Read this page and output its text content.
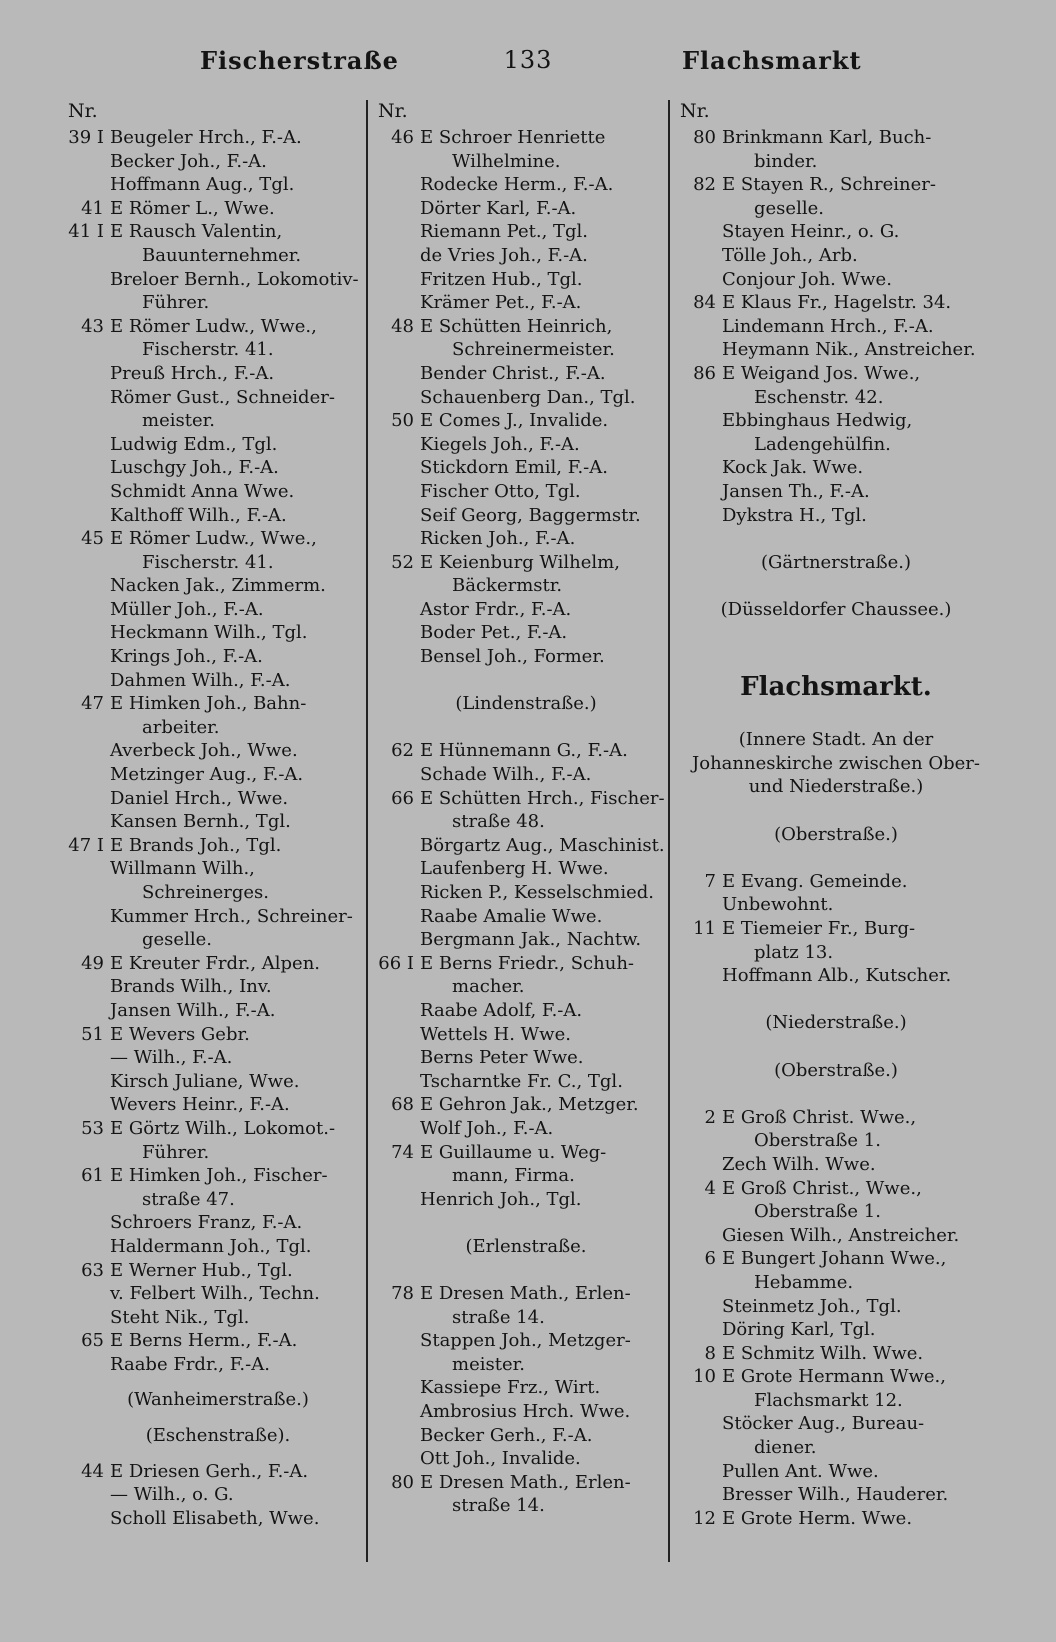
Fischerstraße	133	Flachsmarkt
Nr.
39 I Beugeler Hrch., F.-A.
Becker Joh., F.-A.
Hoffmann Aug., Tgl.
41 E Römer L., Wwe.
41 I E Rausch Valentin,
Bauunternehmer.
Breloer Bernh., Lokomotiv-
Führer.
43 E Römer Ludw., Wwe.,
Fischerstr. 41.
Preuß Hrch., F.-A.
Römer Gust., Schneider-
meister.
Ludwig Edm., Tgl.
Luschgy Joh., F.-A.
Schmidt Anna Wwe.
Kalthoff Wilh., F.-A.
45 E Römer Ludw., Wwe.,
Fischerstr. 41.
Nacken Jak., Zimmerm.
Müller Joh., F.-A.
Heckmann Wilh., Tgl.
Krings Joh., F.-A.
Dahmen Wilh., F.-A.
47 E Himken Joh., Bahn-
arbeiter.
Averbeck Joh., Wwe.
Metzinger Aug., F.-A.
Daniel Hrch., Wwe.
Kansen Bernh., Tgl.
47 I E Brands Joh., Tgl.
Willmann Wilh.,
Schreinerges.
Kummer Hrch., Schreiner-
geselle.
49 E Kreuter Frdr., Alpen.
Brands Wilh., Inv.
Jansen Wilh., F.-A.
51 E Wevers Gebr.
— Wilh., F.-A.
Kirsch Juliane, Wwe.
Wevers Heinr., F.-A.
53 E Görtz Wilh., Lokomot.-
Führer.
61 E Himken Joh., Fischer-
straße 47.
Schroers Franz, F.-A.
Haldermann Joh., Tgl.
63 E Werner Hub., Tgl.
v. Felbert Wilh., Techn.
Steht Nik., Tgl.
65 E Berns Herm., F.-A.
Raabe Frdr., F.-A.
(Wanheimerstraße.)
(Eschenstraße).
44 E Driesen Gerh., F.-A.
— Wilh., o. G.
Scholl Elisabeth, Wwe.
Nr.
46 E Schroer Henriette
Wilhelmine.
Rodecke Herm., F.-A.
Dörter Karl, F.-A.
Riemann Pet., Tgl.
de Vries Joh., F.-A.
Fritzen Hub., Tgl.
Krämer Pet., F.-A.
48 E Schütten Heinrich,
Schreinermeister.
Bender Christ., F.-A.
Schauenberg Dan., Tgl.
50 E Comes J., Invalide.
Kiegels Joh., F.-A.
Stickdorn Emil, F.-A.
Fischer Otto, Tgl.
Seif Georg, Baggermstr.
Ricken Joh., F.-A.
52 E Keienburg Wilhelm,
Bäckermstr.
Astor Frdr., F.-A.
Boder Pet., F.-A.
Bensel Joh., Former.
(Lindenstraße.)
62 E Hünnemann G., F.-A.
Schade Wilh., F.-A.
66 E Schütten Hrch., Fischer-
straße 48.
Börgartz Aug., Maschinist.
Laufenberg H. Wwe.
Ricken P., Kesselschmied.
Raabe Amalie Wwe.
Bergmann Jak., Nachtw.
66 I E Berns Friedr., Schuh-
macher.
Raabe Adolf, F.-A.
Wettels H. Wwe.
Berns Peter Wwe.
Tscharntke Fr. C., Tgl.
68 E Gehron Jak., Metzger.
Wolf Joh., F.-A.
74 E Guillaume u. Weg-
mann, Firma.
Henrich Joh., Tgl.
(Erlenstraße.
78 E Dresen Math., Erlen-
straße 14.
Stappen Joh., Metzger-
meister.
Kassiepe Frz., Wirt.
Ambrosius Hrch. Wwe.
Becker Gerh., F.-A.
Ott Joh., Invalide.
80 E Dresen Math., Erlen-
straße 14.
Nr.
80 Brinkmann Karl, Buch-
binder.
82 E Stayen R., Schreiner-
geselle.
Stayen Heinr., o. G.
Tölle Joh., Arb.
Conjour Joh. Wwe.
84 E Klaus Fr., Hagelstr. 34.
Lindemann Hrch., F.-A.
Heymann Nik., Anstreicher.
86 E Weigand Jos. Wwe.,
Eschenstr. 42.
Ebbinghaus Hedwig,
Ladengehülfin.
Kock Jak. Wwe.
Jansen Th., F.-A.
Dykstra H., Tgl.
(Gärtnerstraße.)
(Düsseldorfer Chaussee.)
Flachsmarkt.
(Innere Stadt. An der
Johanneskirche zwischen Ober-
und Niederstraße.)
(Oberstraße.)
7 E Evang. Gemeinde.
Unbewohnt.
11 E Tiemeier Fr., Burg-
platz 13.
Hoffmann Alb., Kutscher.
(Niederstraße.)
(Oberstraße.)
2 E Groß Christ. Wwe.,
Oberstraße 1.
Zech Wilh. Wwe.
4 E Groß Christ., Wwe.,
Oberstraße 1.
Giesen Wilh., Anstreicher.
6 E Bungert Johann Wwe.,
Hebamme.
Steinmetz Joh., Tgl.
Döring Karl, Tgl.
8 E Schmitz Wilh. Wwe.
10 E Grote Hermann Wwe.,
Flachsmarkt 12.
Stöcker Aug., Bureau-
diener.
Pullen Ant. Wwe.
Bresser Wilh., Hauderer.
12 E Grote Herm. Wwe.
